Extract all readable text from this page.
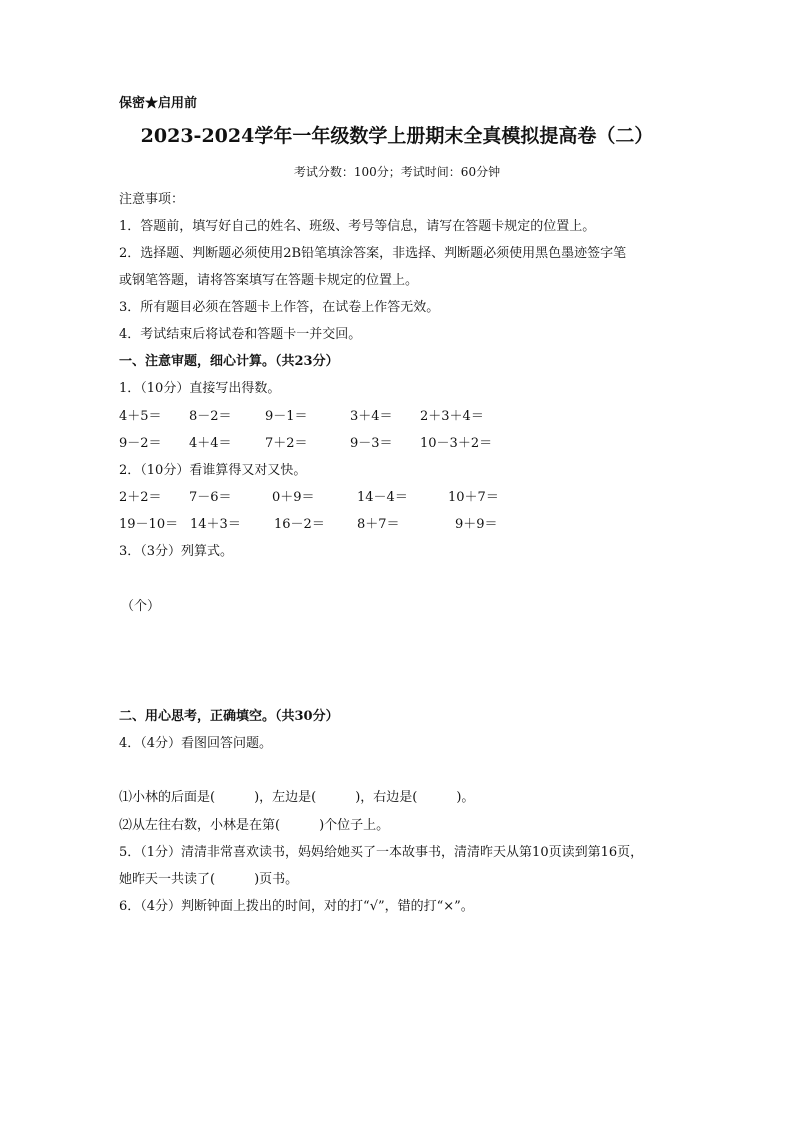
保密★启用前
2023-2024学年一年级数学上册期末全真模拟提高卷（二）
考试分数：100分；考试时间：60分钟
注意事项：
1．答题前，填写好自己的姓名、班级、考号等信息，请写在答题卡规定的位置上。
2．选择题、判断题必须使用2B铅笔填涂答案，非选择、判断题必须使用黑色墨迹签字笔
或钢笔答题，请将答案填写在答题卡规定的位置上。
3．所有题目必须在答题卡上作答，在试卷上作答无效。
4．考试结束后将试卷和答题卡一并交回。
一、注意审题，细心计算。（共23分）
1．（10分）直接写出得数。
4＋5＝ 8－2＝	9－1＝	3＋4＝ 2＋3＋4＝
9－2＝ 4＋4＝	7＋2＝	9－3＝ 10－3＋2＝
2．（10分）看谁算得又对又快。
2＋2＝ 7－6＝	0＋9＝	14－4＝	10＋7＝
19－10＝ 14＋3＝	16－2＝ 8＋7＝	9＋9＝
3．（3分）列算式。
（个）
二、用心思考，正确填空。（共30分）
4．（4分）看图回答问题。
⑴小林的后面是(　　　)，左边是(　　　)，右边是(　　　)。
⑵从左往右数，小林是在第(　　　)个位子上。
5．（1分）清清非常喜欢读书，妈妈给她买了一本故事书，清清昨天从第10页读到第16页，
她昨天一共读了(　　　)页书。
6．（4分）判断钟面上拨出的时间，对的打“√”，错的打“×”。
